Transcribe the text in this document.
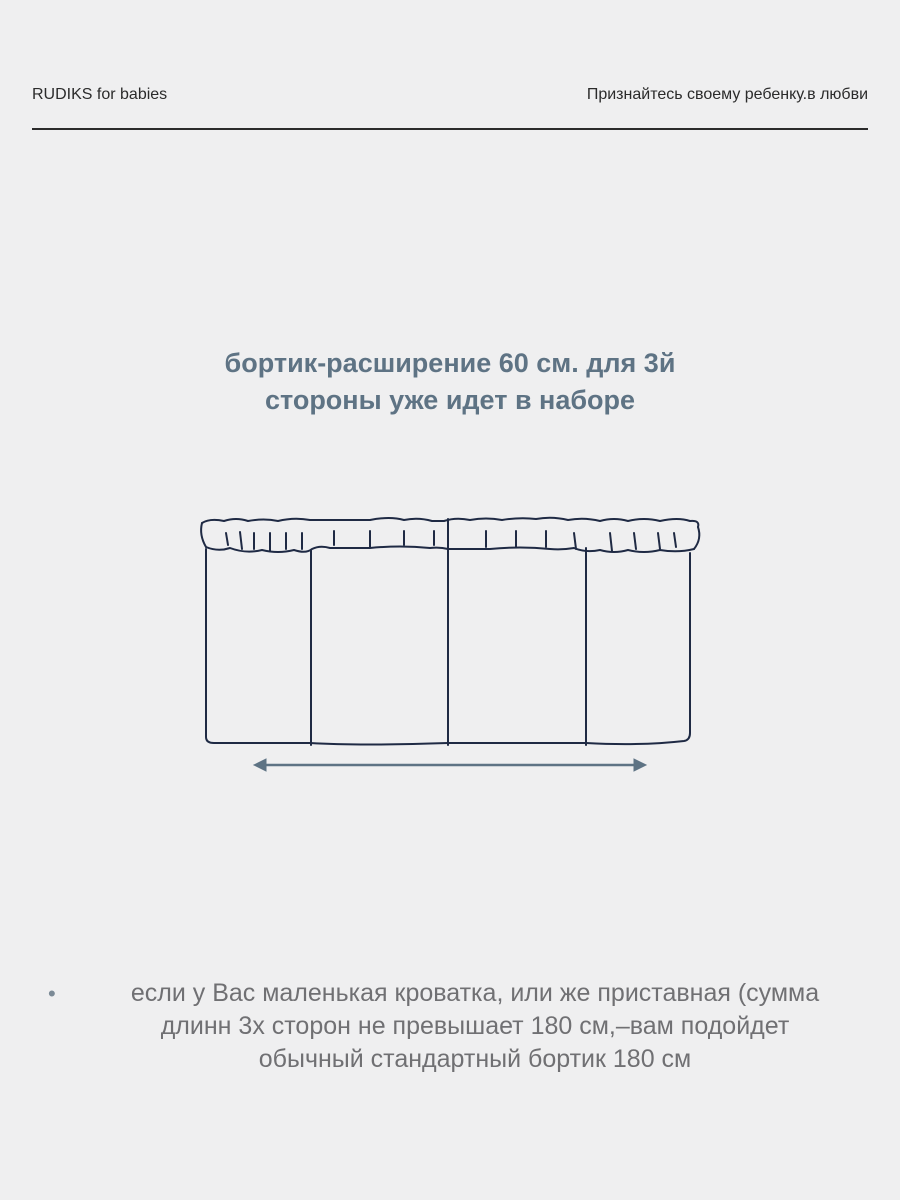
RUDIKS for babies	Признайтесь своему ребенку.в любви
бортик-расширение 60 см. для 3й
стороны уже идет в наборе
•	если у Вас маленькая кроватка, или же приставная (сумма
длинн 3х сторон не превышает 180 см,–вам подойдет
обычный стандартный бортик 180 см
